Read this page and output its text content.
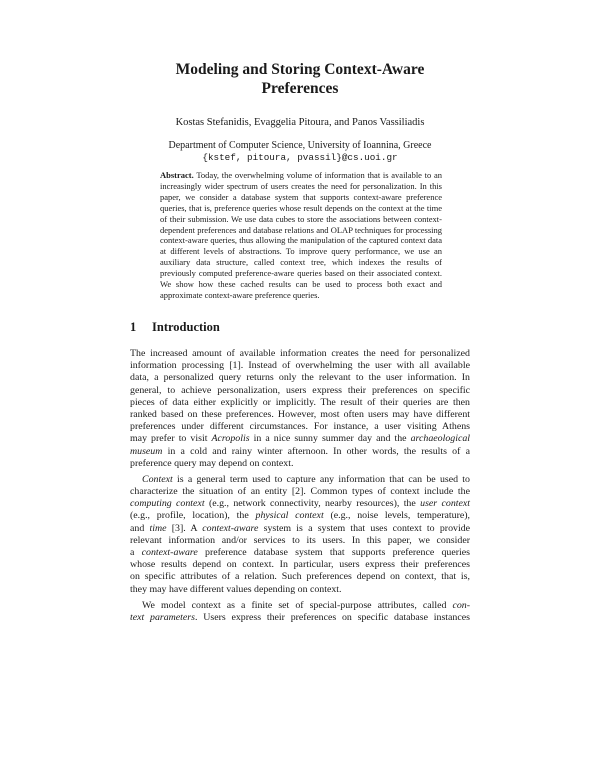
Modeling and Storing Context-Aware
Preferences
Kostas Stefanidis, Evaggelia Pitoura, and Panos Vassiliadis
Department of Computer Science, University of Ioannina, Greece
{kstef, pitoura, pvassil}@cs.uoi.gr
Abstract. Today, the overwhelming volume of information that is available to an increasingly wider spectrum of users creates the need for personalization. In this paper, we consider a database system that supports context-aware preference queries, that is, preference queries whose result depends on the context at the time of their submission. We use data cubes to store the associations between context-dependent preferences and database relations and OLAP techniques for processing context-aware queries, thus allowing the manipulation of the captured context data at different levels of abstractions. To improve query performance, we use an auxiliary data structure, called context tree, which indexes the results of previously computed preference-aware queries based on their associated context. We show how these cached results can be used to process both exact and approximate context-aware preference queries.
1 Introduction
The increased amount of available information creates the need for personalized
information processing [1]. Instead of overwhelming the user with all available
data, a personalized query returns only the relevant to the user information. In
general, to achieve personalization, users express their preferences on specific
pieces of data either explicitly or implicitly. The result of their queries are then
ranked based on these preferences. However, most often users may have different
preferences under different circumstances. For instance, a user visiting Athens
may prefer to visit Acropolis in a nice sunny summer day and the archaeological
museum in a cold and rainy winter afternoon. In other words, the results of a
preference query may depend on context.
Context is a general term used to capture any information that can be used to
characterize the situation of an entity [2]. Common types of context include the
computing context (e.g., network connectivity, nearby resources), the user context
(e.g., profile, location), the physical context (e.g., noise levels, temperature),
and time [3]. A context-aware system is a system that uses context to provide
relevant information and/or services to its users. In this paper, we consider
a context-aware preference database system that supports preference queries
whose results depend on context. In particular, users express their preferences
on specific attributes of a relation. Such preferences depend on context, that is,
they may have different values depending on context.
We model context as a finite set of special-purpose attributes, called con-
text parameters. Users express their preferences on specific database instances
